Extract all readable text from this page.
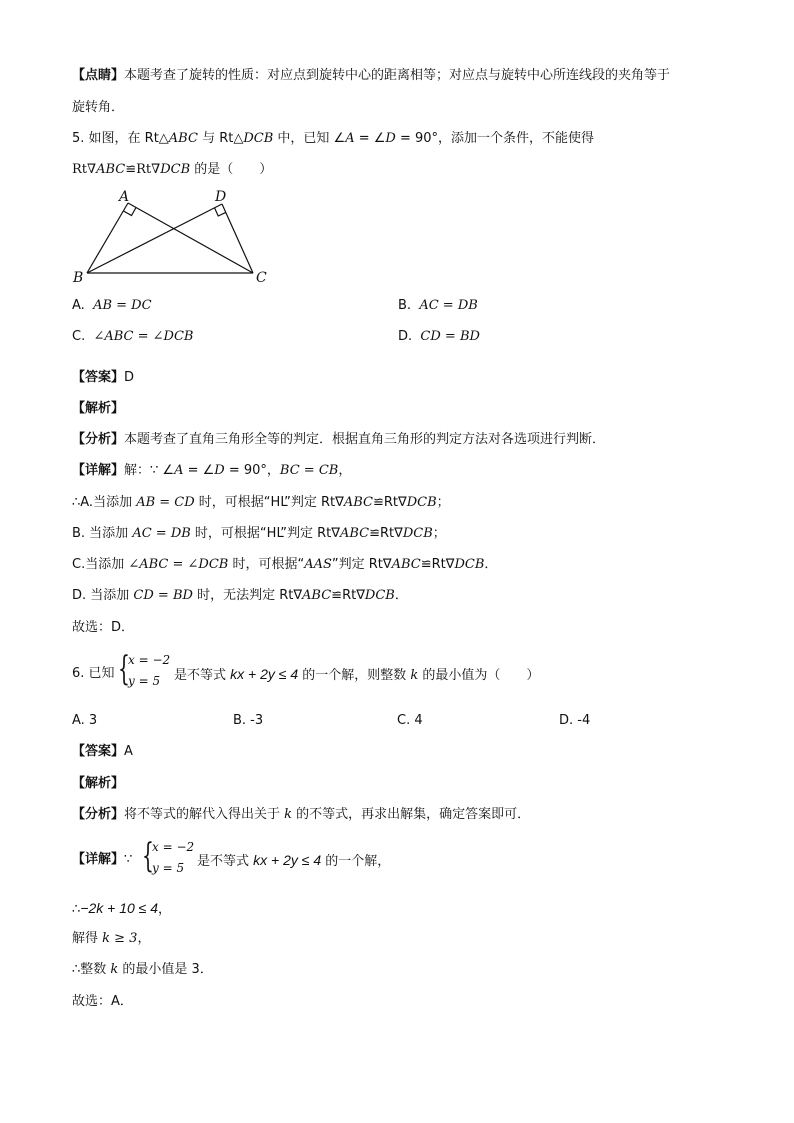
【点睛】本题考查了旋转的性质：对应点到旋转中心的距离相等；对应点与旋转中心所连线段的夹角等于
旋转角．
5. 如图，在 Rt△ABC 与 Rt△DCB 中，已知 ∠A = ∠D = 90°，添加一个条件，不能使得
Rt∇ABC≌Rt∇DCB 的是（　　）
A	D
B	C
A. AB = DC	B. AC = DB
C. ∠ABC = ∠DCB	D. CD = BD
【答案】D
【解析】
【分析】本题考查了直角三角形全等的判定．根据直角三角形的判定方法对各选项进行判断．
【详解】解：∵ ∠A = ∠D = 90°，BC = CB，
∴A.当添加 AB = CD 时，可根据“HL”判定 Rt∇ABC≌Rt∇DCB；
B. 当添加 AC = DB 时，可根据“HL”判定 Rt∇ABC≌Rt∇DCB；
C.当添加 ∠ABC = ∠DCB 时，可根据“AAS”判定 Rt∇ABC≌Rt∇DCB．
D. 当添加 CD = BD 时，无法判定 Rt∇ABC≌Rt∇DCB．
故选：D．
6. 已知 {
x = −2
y = 5 是不等式 kx + 2y ≤ 4 的一个解，则整数 k 的最小值为（　　）
A. 3	B. -3	C. 4	D. -4
【答案】A
【解析】
【分析】将不等式的解代入得出关于 k 的不等式，再求出解集，确定答案即可．
【详解】∵ {
x = −2
y = 5 是不等式 kx + 2y ≤ 4 的一个解，
∴−2k + 10 ≤ 4，
解得 k ≥ 3，
∴整数 k 的最小值是 3．
故选：A．
